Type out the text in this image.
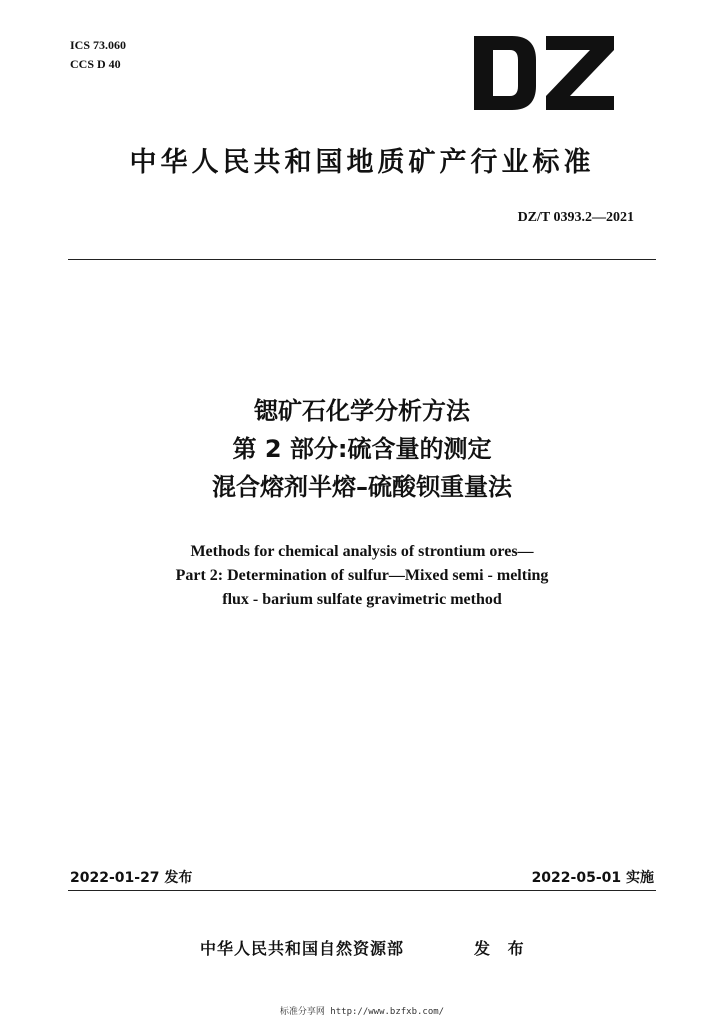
ICS 73.060
CCS D 40
中华人民共和国地质矿产行业标准
DZ/T 0393.2—2021
锶矿石化学分析方法
第 2 部分:硫含量的测定
混合熔剂半熔–硫酸钡重量法
Methods for chemical analysis of strontium ores—
Part 2: Determination of sulfur—Mixed semi - melting
flux - barium sulfate gravimetric method
2022-01-27 发布	2022-05-01 实施
中华人民共和国自然资源部	发 布
标准分享网 http://www.bzfxb.com/
